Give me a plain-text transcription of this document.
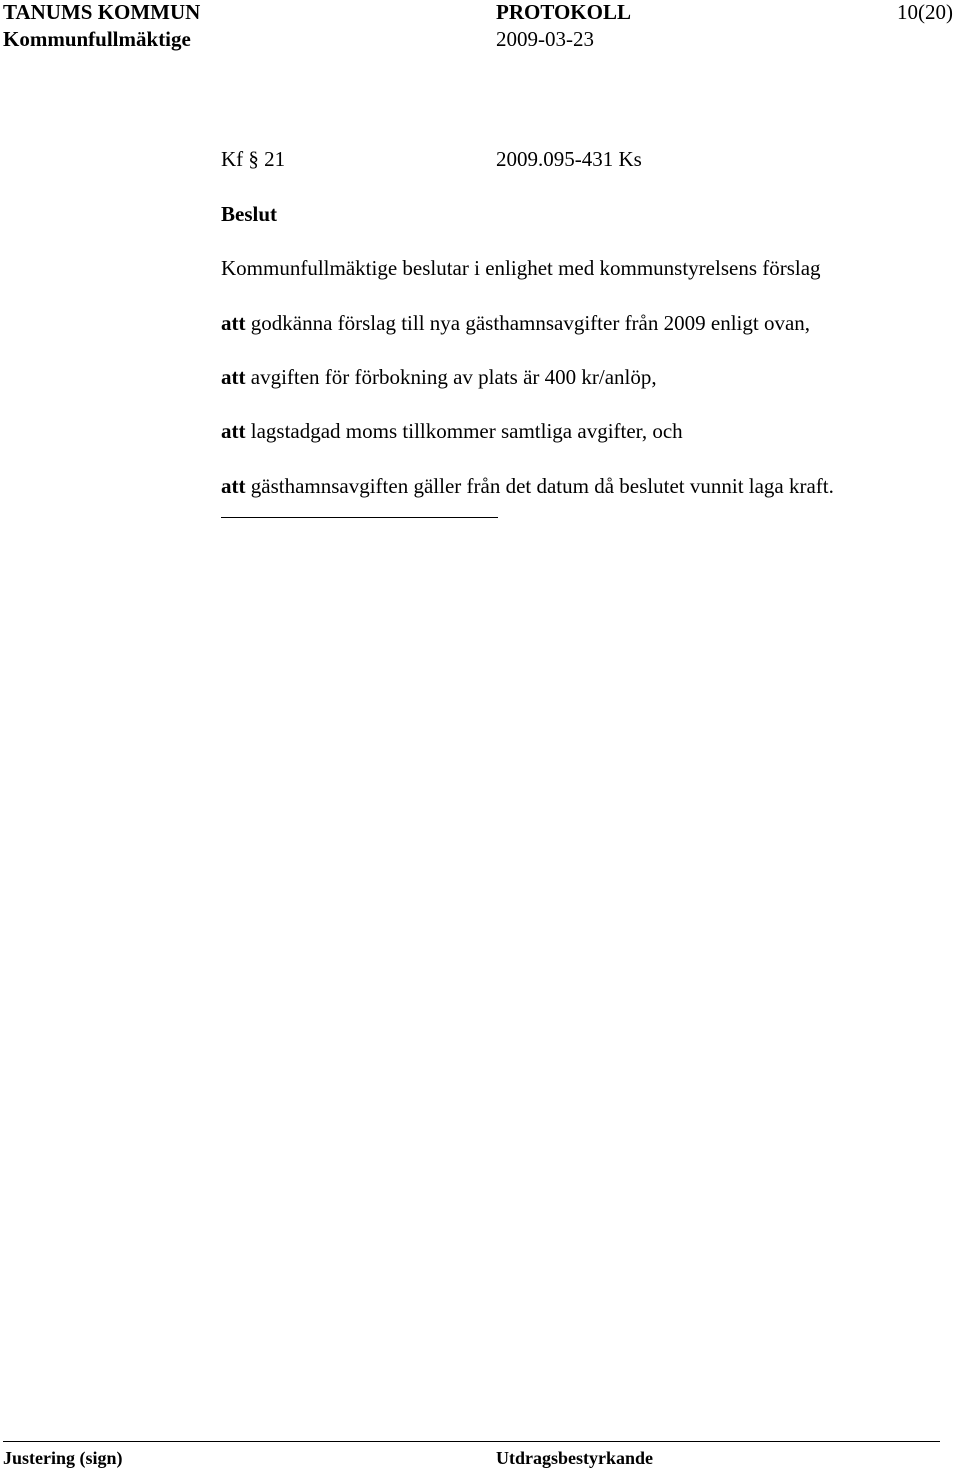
TANUMS KOMMUN	PROTOKOLL	10(20)
Kommunfullmäktige	2009-03-23
Kf § 21	2009.095-431 Ks
Beslut
Kommunfullmäktige beslutar i enlighet med kommunstyrelsens förslag
att godkänna förslag till nya gästhamnsavgifter från 2009 enligt ovan,
att avgiften för förbokning av plats är 400 kr/anlöp,
att lagstadgad moms tillkommer samtliga avgifter, och
att gästhamnsavgiften gäller från det datum då beslutet vunnit laga kraft.
Justering (sign)	Utdragsbestyrkande
